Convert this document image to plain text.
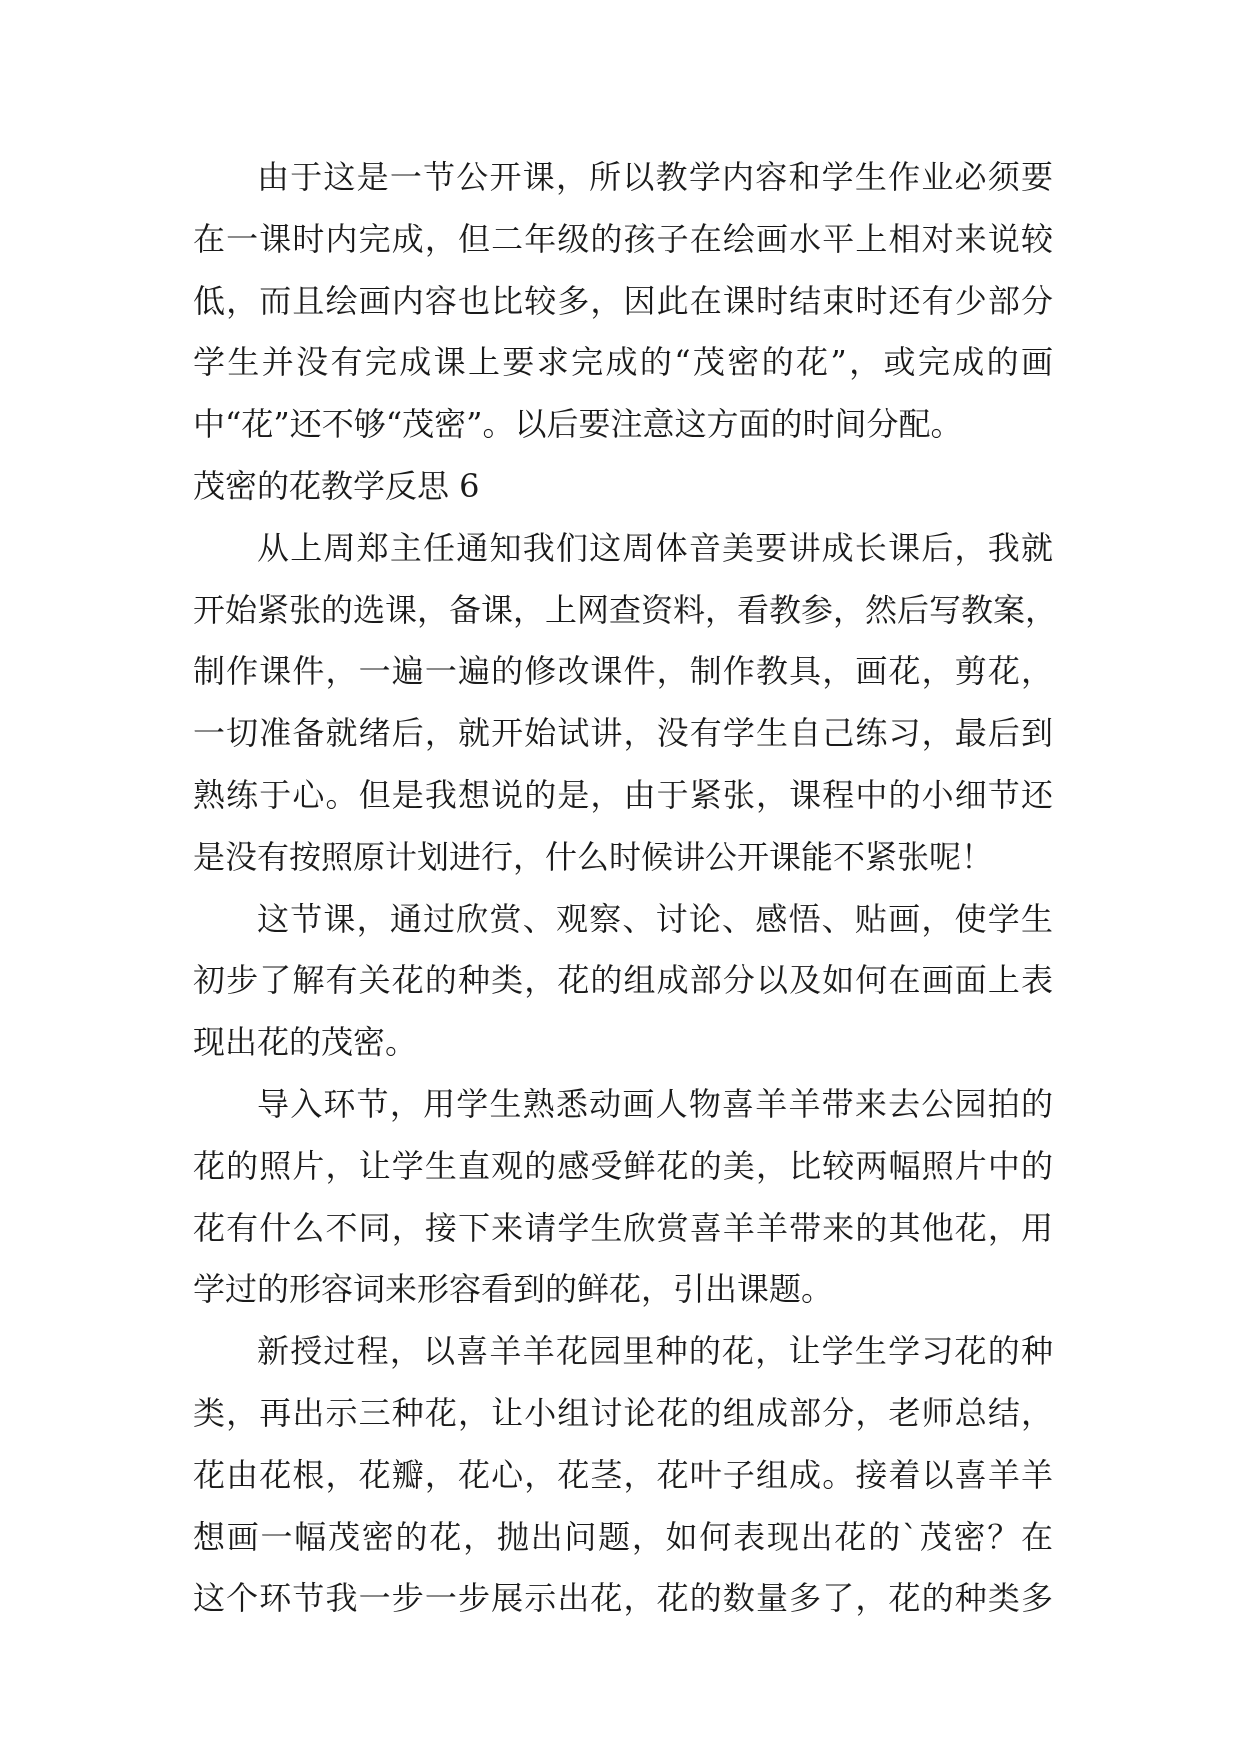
由于这是一节公开课，所以教学内容和学生作业必须要
在一课时内完成，但二年级的孩子在绘画水平上相对来说较
低，而且绘画内容也比较多，因此在课时结束时还有少部分
学生并没有完成课上要求完成的“茂密的花”，或完成的画
中“花”还不够“茂密”。以后要注意这方面的时间分配。
茂密的花教学反思 6
从上周郑主任通知我们这周体音美要讲成长课后，我就
开始紧张的选课，备课，上网查资料，看教参，然后写教案，
制作课件，一遍一遍的修改课件，制作教具，画花，剪花，
一切准备就绪后，就开始试讲，没有学生自己练习，最后到
熟练于心。但是我想说的是，由于紧张，课程中的小细节还
是没有按照原计划进行，什么时候讲公开课能不紧张呢！
这节课，通过欣赏、观察、讨论、感悟、贴画，使学生
初步了解有关花的种类，花的组成部分以及如何在画面上表
现出花的茂密。
导入环节，用学生熟悉动画人物喜羊羊带来去公园拍的
花的照片，让学生直观的感受鲜花的美，比较两幅照片中的
花有什么不同，接下来请学生欣赏喜羊羊带来的其他花，用
学过的形容词来形容看到的鲜花，引出课题。
新授过程，以喜羊羊花园里种的花，让学生学习花的种
类，再出示三种花，让小组讨论花的组成部分，老师总结，
花由花根，花瓣，花心，花茎，花叶子组成。接着以喜羊羊
想画一幅茂密的花，抛出问题，如何表现出花的`茂密？在
这个环节我一步一步展示出花，花的数量多了，花的种类多
